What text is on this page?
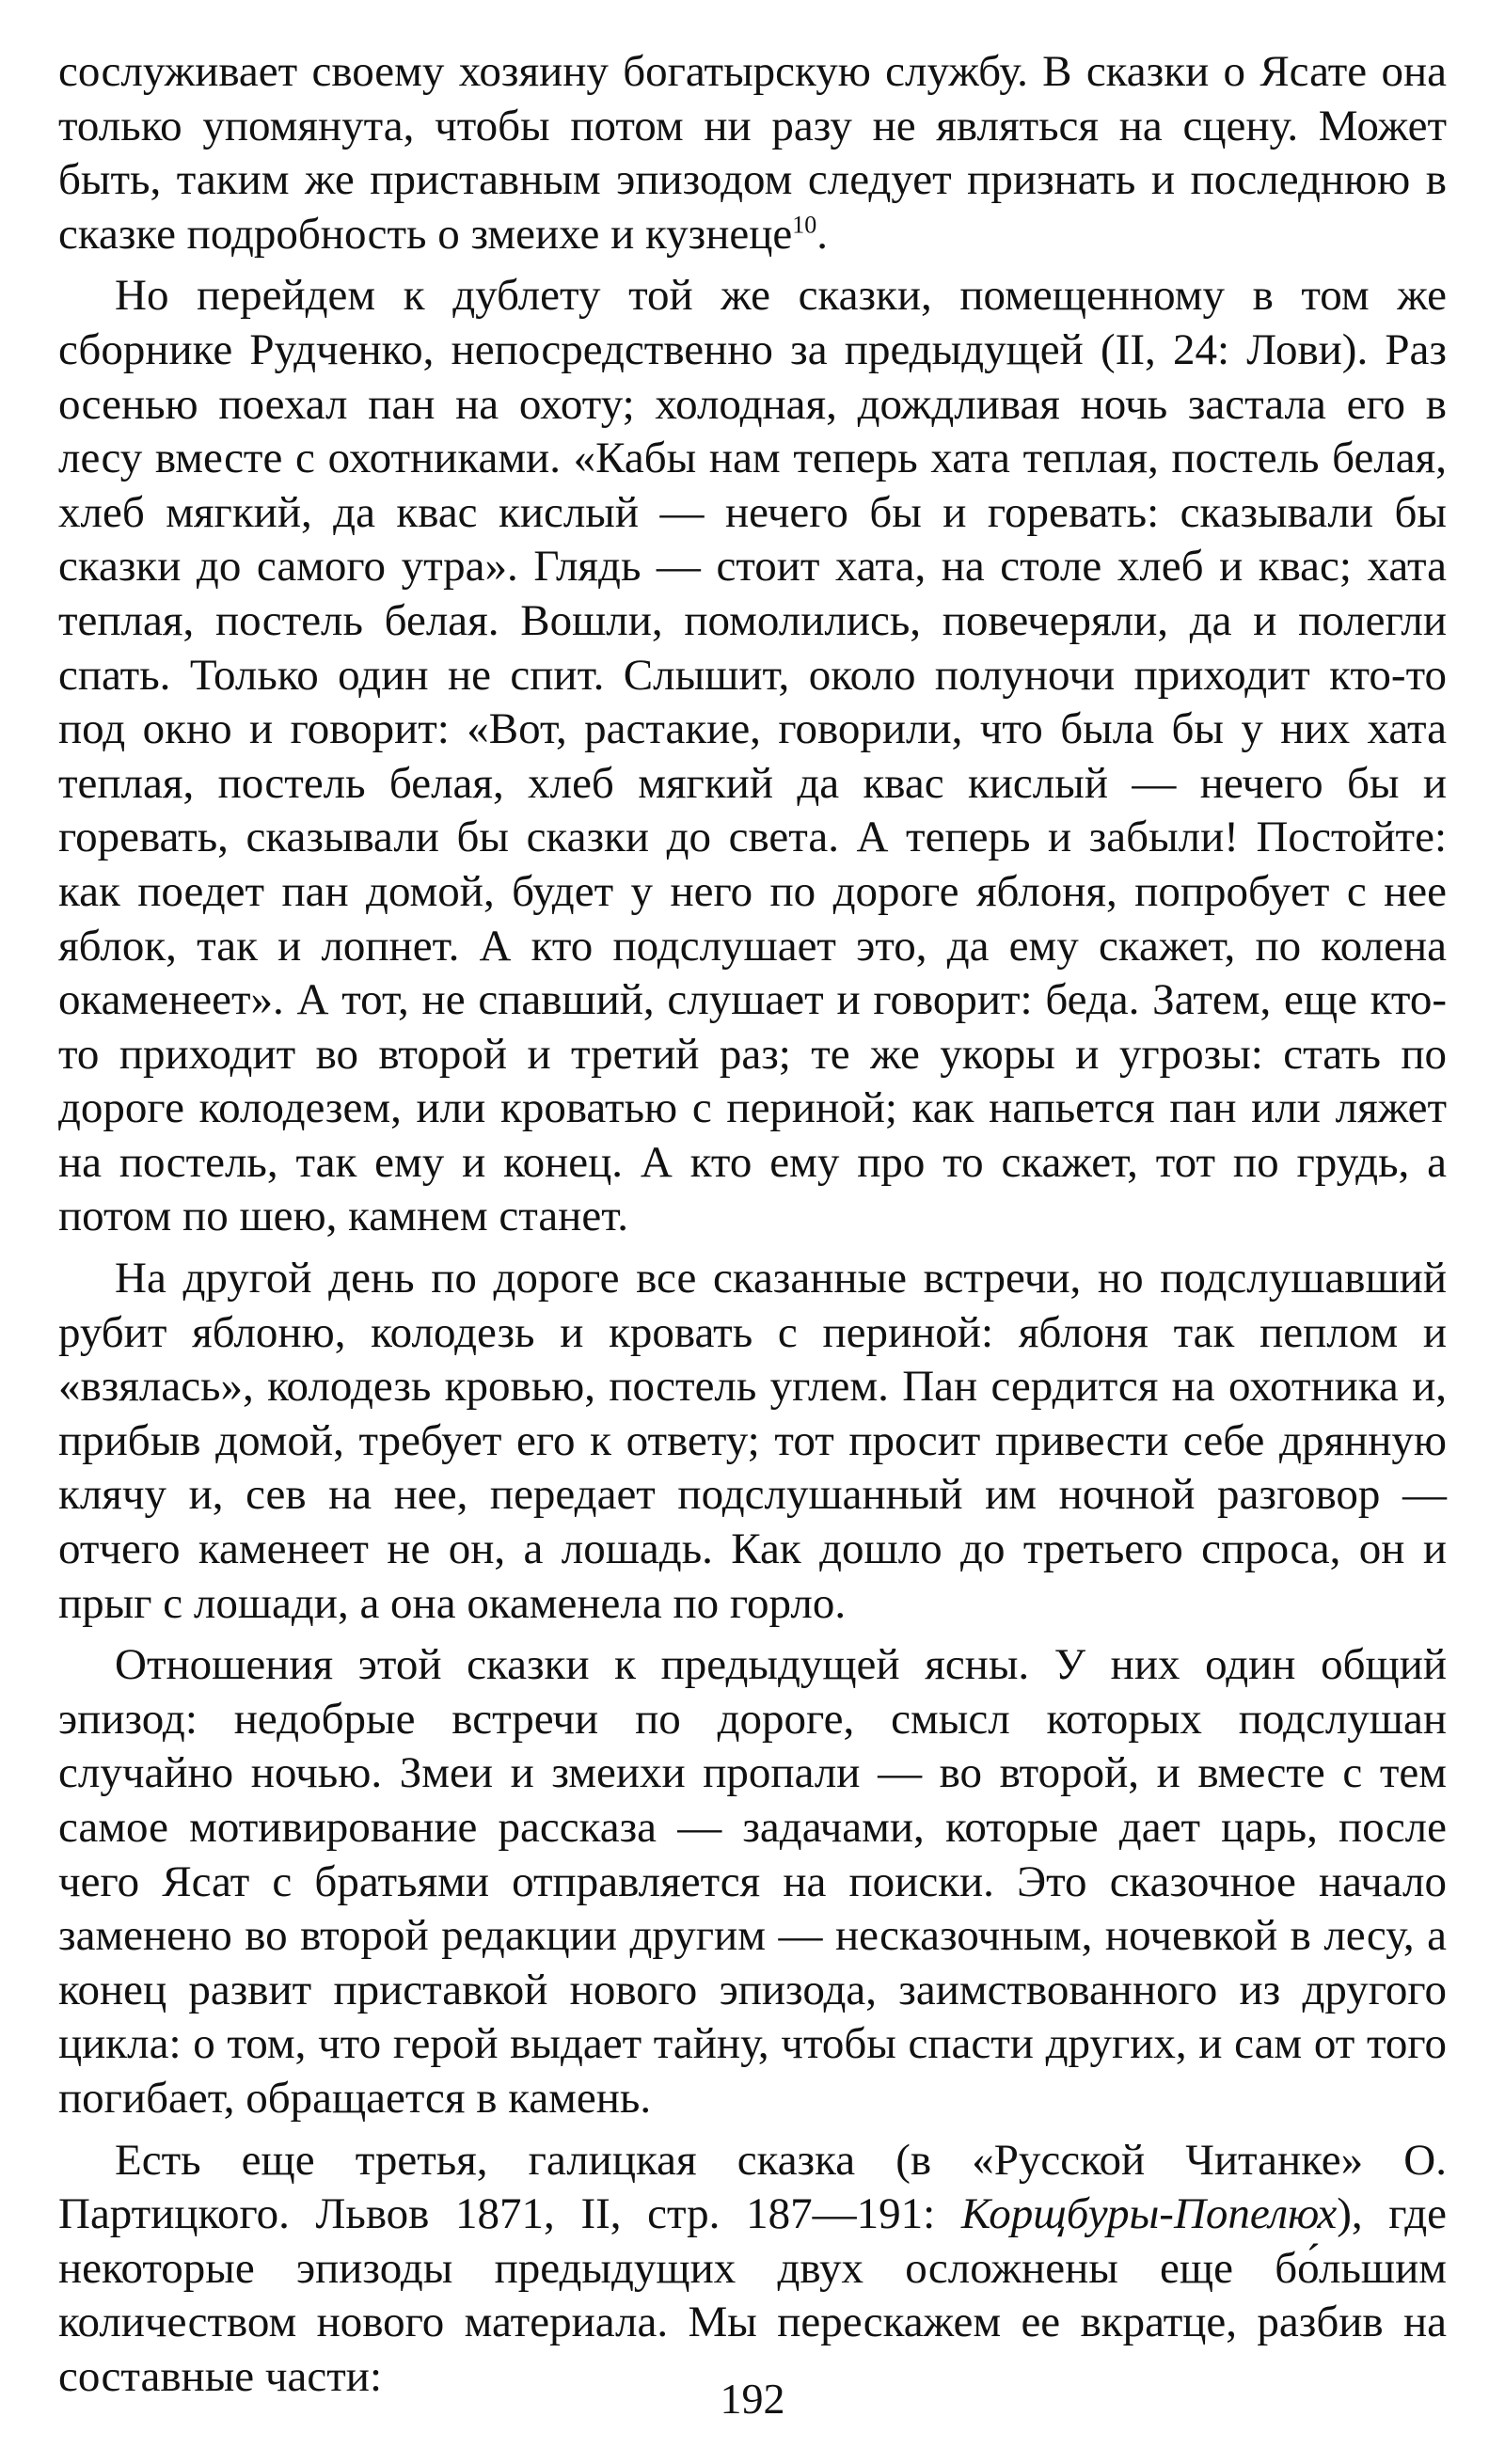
сослуживает своему хозяину богатырскую службу. В сказки о Ясате она только упомянута, чтобы потом ни разу не являться на сцену. Может быть, таким же приставным эпизодом следует признать и последнюю в сказке подробность о змеихе и кузнеце$^{10}$.

Но перейдем к дублету той же сказки, помещенному в том же сборнике Рудченко, непосредственно за предыдущей (II, 24: Лови). Раз осенью поехал пан на охоту; холодная, дождливая ночь застала его в лесу вместе с охотниками. «Кабы нам теперь хата теплая, постель белая, хлеб мягкий, да квас кислый — нечего бы и горевать: сказывали бы сказки до самого утра». Глядь — стоит хата, на столе хлеб и квас; хата теплая, постель белая. Вошли, помолились, повечеряли, да и полегли спать. Только один не спит. Слышит, около полуночи приходит кто-то под окно и говорит: «Вот, растакие, говорили, что была бы у них хата теплая, постель белая, хлеб мягкий да квас кислый — нечего бы и горевать, сказывали бы сказки до света. А теперь и забыли! Постойте: как поедет пан домой, будет у него по дороге яблоня, попробует с нее яблок, так и лопнет. А кто подслушает это, да ему скажет, по колена окаменеет». А тот, не спавший, слушает и говорит: беда. Затем, еще кто-то приходит во второй и третий раз; те же укоры и угрозы: стать по дороге колодезем, или кроватью с периной; как напьется пан или ляжет на постель, так ему и конец. А кто ему про то скажет, тот по грудь, а потом по шею, камнем станет.

На другой день по дороге все сказанные встречи, но подслушавший рубит яблоню, колодезь и кровать с периной: яблоня так пеплом и «взялась», колодезь кровью, постель углем. Пан сердится на охотника и, прибыв домой, требует его к ответу; тот просит привести себе дрянную клячу и, сев на нее, передает подслушанный им ночной разговор — отчего каменеет не он, а лошадь. Как дошло до третьего спроса, он и прыг с лошади, а она окаменела по горло.

Отношения этой сказки к предыдущей ясны. У них один общий эпизод: недобрые встречи по дороге, смысл которых подслушан случайно ночью. Змеи и змеихи пропали — во второй, и вместе с тем самое мотивирование рассказа — задачами, которые дает царь, после чего Ясат с братьями отправляется на поиски. Это сказочное начало заменено во второй редакции другим — несказочным, ночевкой в лесу, а конец развит приставкой нового эпизода, заимствованного из другого цикла: о том, что герой выдает тайну, чтобы спасти других, и сам от того погибает, обращается в камень.

Есть еще третья, галицкая сказка (в «Русской Читанке» О. Партицкого. Львов 1871, II, стр. 187—191: Корщбуры-Попелюх), где некоторые эпизоды предыдущих двух осложнены еще бо́льшим количеством нового материала. Мы перескажем ее вкратце, разбив на составные части:	192
